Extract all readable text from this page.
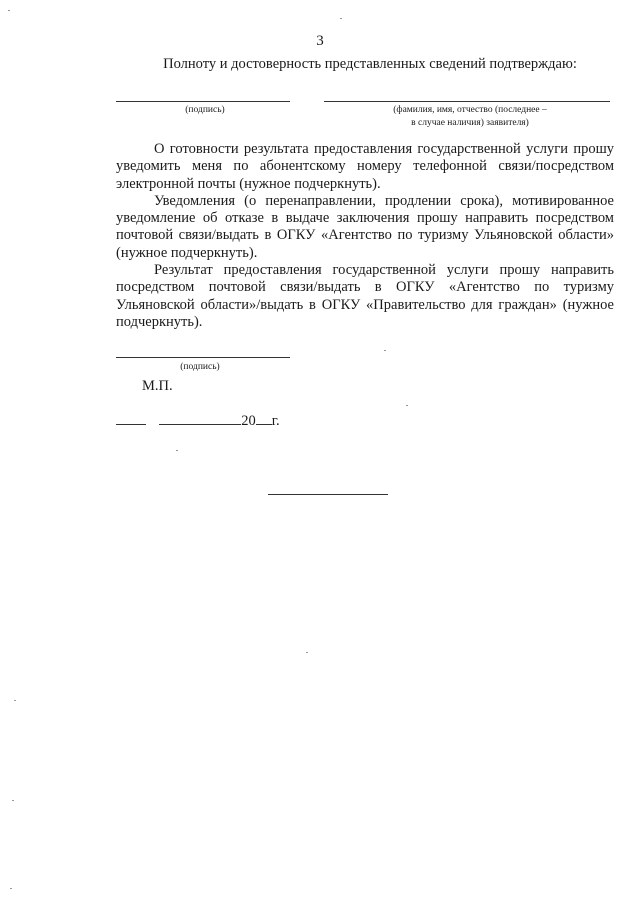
3
Полноту и достоверность представленных сведений подтверждаю:
(подпись)	(фамилия, имя, отчество (последнее –
в случае наличия) заявителя)

О готовности результата предоставления государственной услуги прошу уведомить меня по абонентскому номеру телефонной связи/посредством электронной почты (нужное подчеркнуть).

Уведомления (о перенаправлении, продлении срока), мотивированное уведомление об отказе в выдаче заключения прошу направить посредством почтовой связи/выдать в ОГКУ «Агентство по туризму Ульяновской области» (нужное подчеркнуть).

Результат предоставления государственной услуги прошу направить посредством почтовой связи/выдать в ОГКУ «Агентство по туризму Ульяновской области»/выдать в ОГКУ «Правительство для граждан» (нужное подчеркнуть).

(подпись)
М.П.
20 г.
